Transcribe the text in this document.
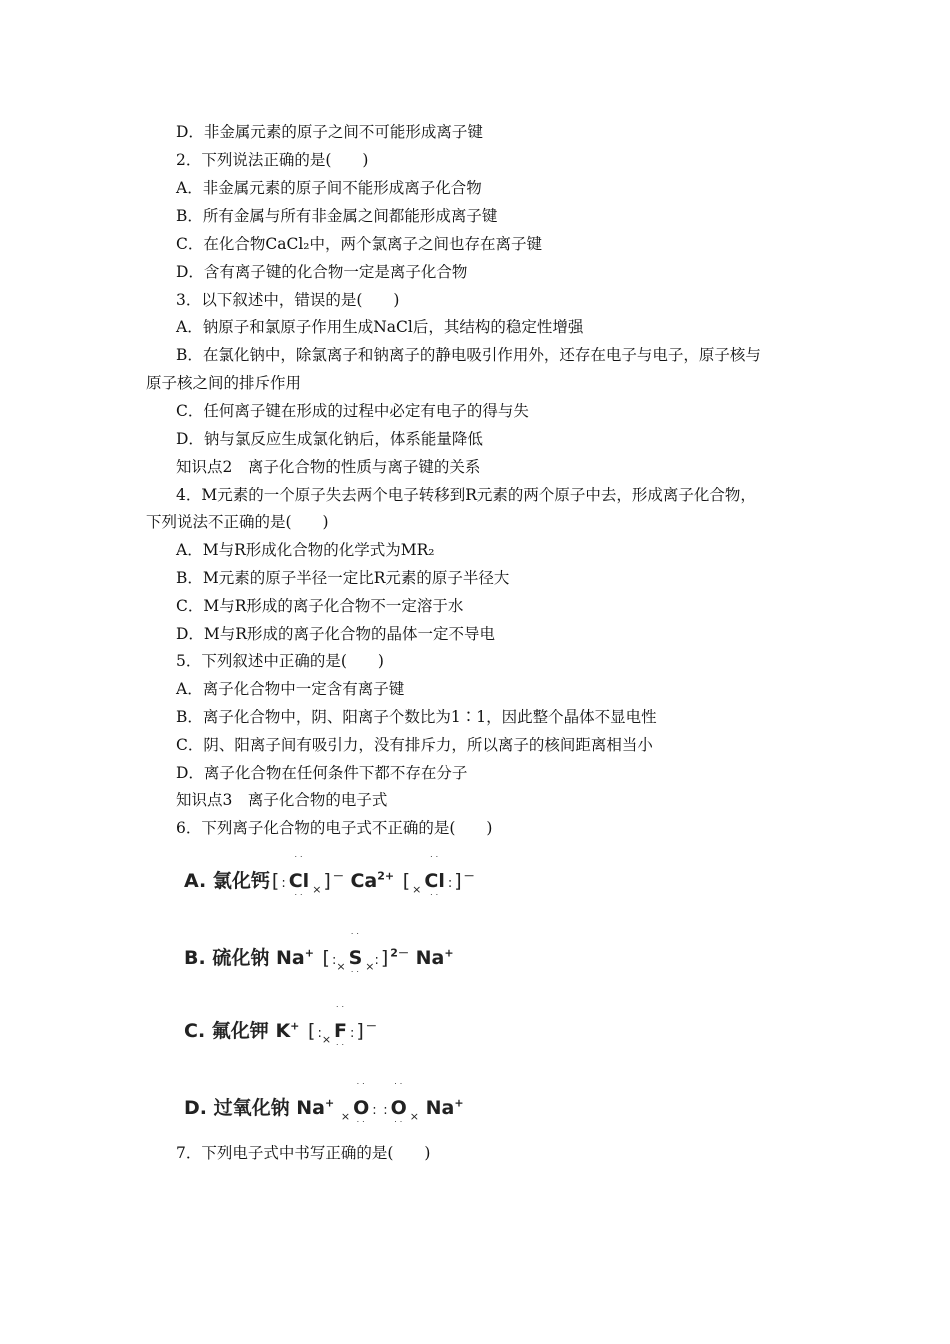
D．非金属元素的原子之间不可能形成离子键
2．下列说法正确的是(　　)
A．非金属元素的原子间不能形成离子化合物
B．所有金属与所有非金属之间都能形成离子键
C．在化合物CaCl₂中，两个氯离子之间也存在离子键
D．含有离子键的化合物一定是离子化合物
3．以下叙述中，错误的是(　　)
A．钠原子和氯原子作用生成NaCl后，其结构的稳定性增强
B．在氯化钠中，除氯离子和钠离子的静电吸引作用外，还存在电子与电子，原子核与
原子核之间的排斥作用
C．任何离子键在形成的过程中必定有电子的得与失
D．钠与氯反应生成氯化钠后，体系能量降低
知识点2　离子化合物的性质与离子键的关系
4．M元素的一个原子失去两个电子转移到R元素的两个原子中去，形成离子化合物，
下列说法不正确的是(　　)
A．M与R形成化合物的化学式为MR₂
B．M元素的原子半径一定比R元素的原子半径大
C．M与R形成的离子化合物不一定溶于水
D．M与R形成的离子化合物的晶体一定不导电
5．下列叙述中正确的是(　　)
A．离子化合物中一定含有离子键
B．离子化合物中，阴、阳离子个数比为1∶1，因此整个晶体不显电性
C．阴、阳离子间有吸引力，没有排斥力，所以离子的核间距离相当小
D．离子化合物在任何条件下都不存在分子
知识点3　离子化合物的电子式
6．下列离子化合物的电子式不正确的是(　　)
7．下列电子式中书写正确的是(　　)
A. 氯化钙 [ :
˙˙
Cl
˙˙
$_\times$ ] － $Ca^{2+}$ [ $_\times$
˙˙
Cl
˙˙
: ] －
B. 硫化钠 Na+ [ $:_\times$
˙˙
S
˙˙
$_\times$: ] $^{2-}$ Na+
C. 氟化钾 K+ [ $:_\times$
˙˙
F
˙˙
: ] －
D. 过氧化钠 Na+ $_\times$
˙˙
O
˙˙
: :
˙˙
O
˙˙
$_\times$ Na+
